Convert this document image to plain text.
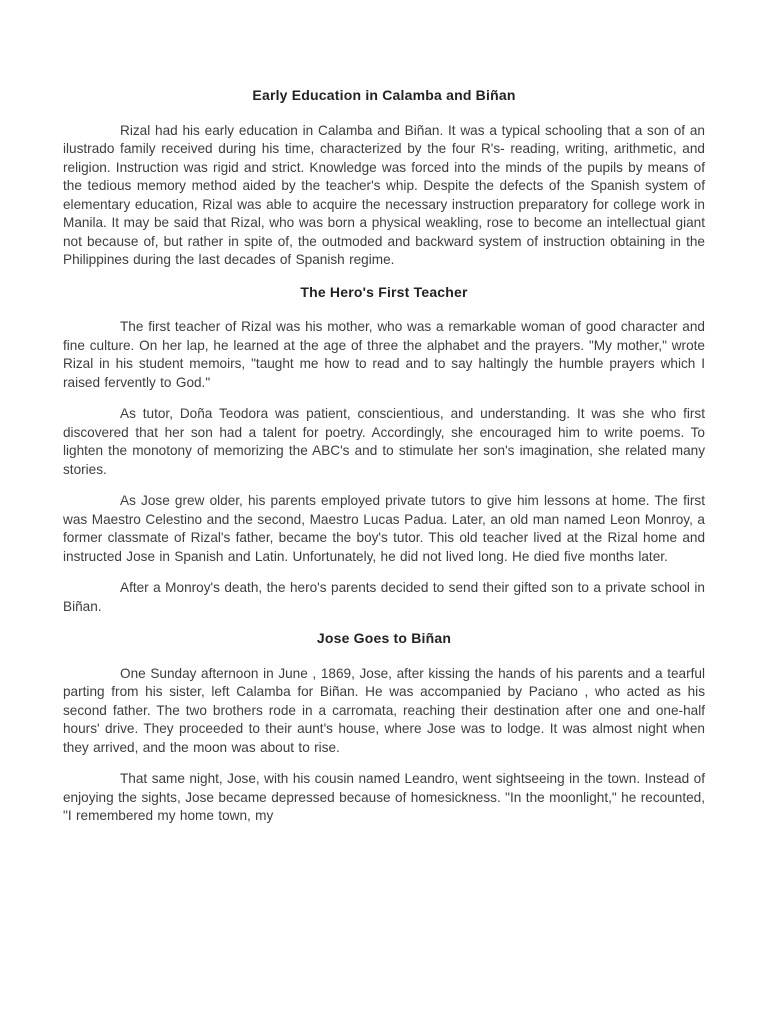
Early Education in Calamba and Biñan

Rizal had his early education in Calamba and Biñan. It was a typical schooling that a son of an ilustrado family received during his time, characterized by the four R's- reading, writing, arithmetic, and religion. Instruction was rigid and strict. Knowledge was forced into the minds of the pupils by means of the tedious memory method aided by the teacher's whip. Despite the defects of the Spanish system of elementary education, Rizal was able to acquire the necessary instruction preparatory for college work in Manila. It may be said that Rizal, who was born a physical weakling, rose to become an intellectual giant not because of, but rather in spite of, the outmoded and backward system of instruction obtaining in the Philippines during the last decades of Spanish regime.

The Hero's First Teacher

The first teacher of Rizal was his mother, who was a remarkable woman of good character and fine culture. On her lap, he learned at the age of three the alphabet and the prayers. "My mother," wrote Rizal in his student memoirs, "taught me how to read and to say haltingly the humble prayers which I raised fervently to God."

As tutor, Doña Teodora was patient, conscientious, and understanding. It was she who first discovered that her son had a talent for poetry. Accordingly, she encouraged him to write poems. To lighten the monotony of memorizing the ABC's and to stimulate her son's imagination, she related many stories.

As Jose grew older, his parents employed private tutors to give him lessons at home. The first was Maestro Celestino and the second, Maestro Lucas Padua. Later, an old man named Leon Monroy, a former classmate of Rizal's father, became the boy's tutor. This old teacher lived at the Rizal home and instructed Jose in Spanish and Latin. Unfortunately, he did not lived long. He died five months later.

After a Monroy's death, the hero's parents decided to send their gifted son to a private school in Biñan.

Jose Goes to Biñan

One Sunday afternoon in June , 1869, Jose, after kissing the hands of his parents and a tearful parting from his sister, left Calamba for Biñan. He was accompanied by Paciano , who acted as his second father. The two brothers rode in a carromata, reaching their destination after one and one-half hours' drive. They proceeded to their aunt's house, where Jose was to lodge. It was almost night when they arrived, and the moon was about to rise.

That same night, Jose, with his cousin named Leandro, went sightseeing in the town. Instead of enjoying the sights, Jose became depressed because of homesickness. "In the moonlight," he recounted, "I remembered my home town, my
